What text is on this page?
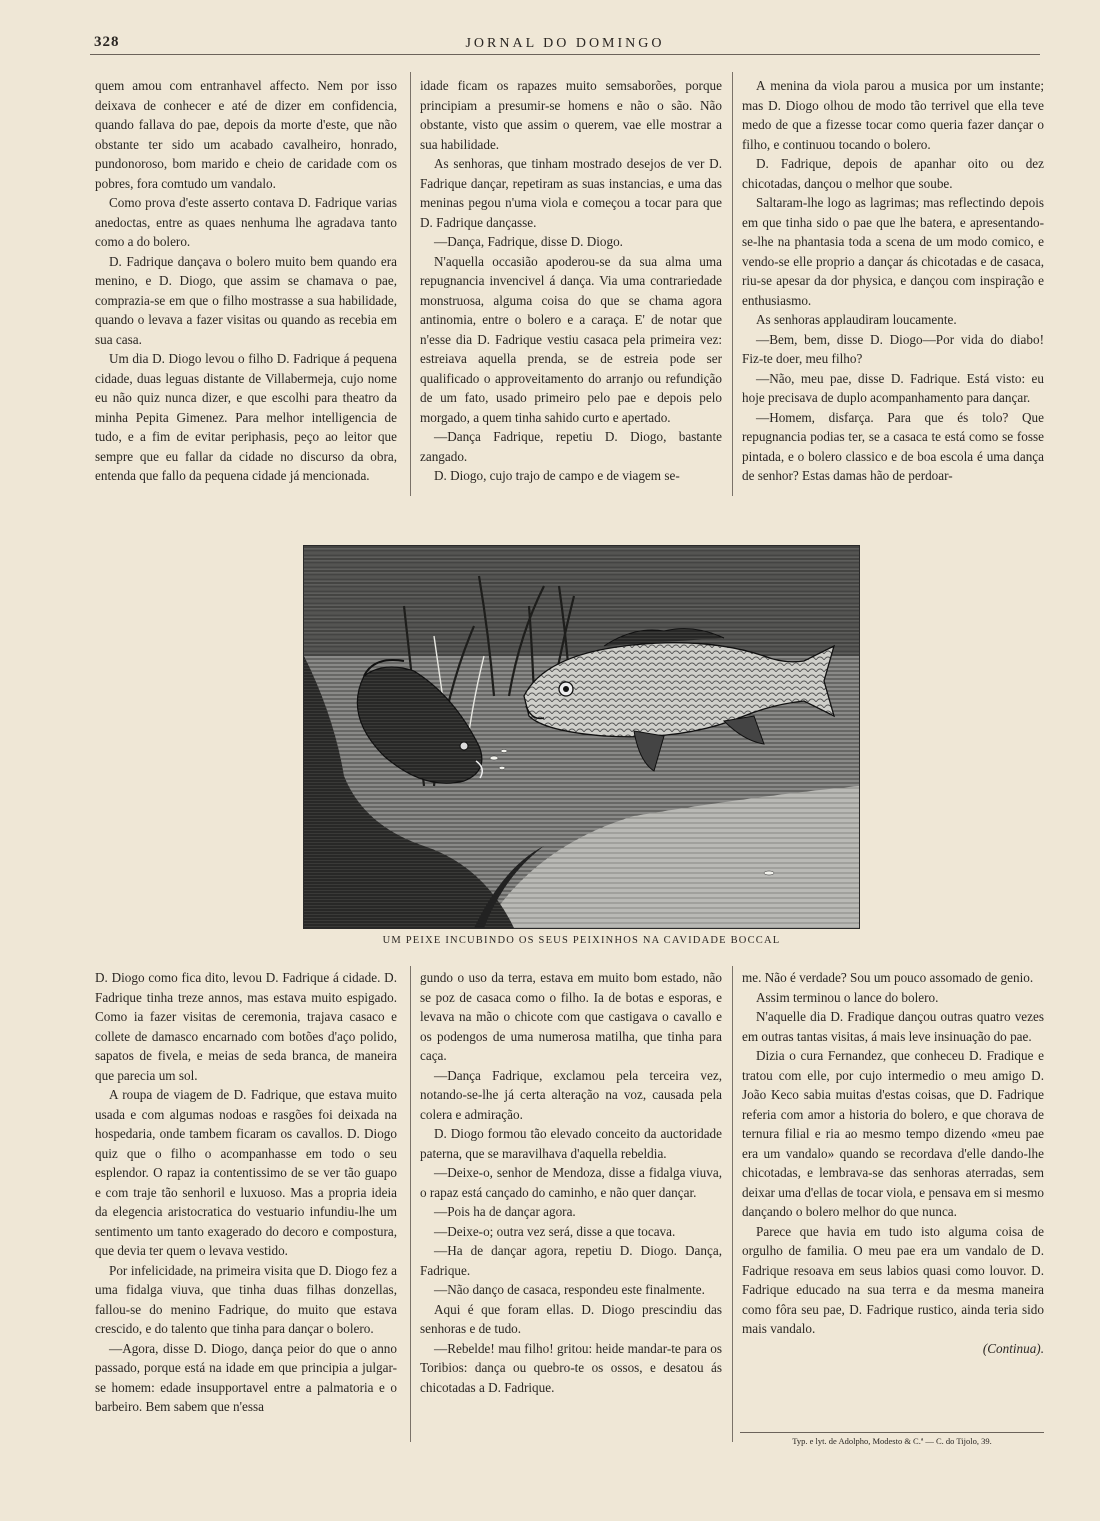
328	JORNAL DO DOMINGO

quem amou com entranhavel affecto. Nem por isso deixava de conhecer e até de dizer em confidencia, quando fallava do pae, depois da morte d'este, que não obstante ter sido um acabado cavalheiro, honrado, pundonoroso, bom marido e cheio de caridade com os pobres, fora comtudo um vandalo.

Como prova d'este asserto contava D. Fadrique varias anedoctas, entre as quaes nenhuma lhe agradava tanto como a do bolero.

D. Fadrique dançava o bolero muito bem quando era menino, e D. Diogo, que assim se chamava o pae, comprazia-se em que o filho mostrasse a sua habilidade, quando o levava a fazer visitas ou quando as recebia em sua casa.

Um dia D. Diogo levou o filho D. Fadrique á pequena cidade, duas leguas distante de Villabermeja, cujo nome eu não quiz nunca dizer, e que escolhi para theatro da minha Pepita Gimenez. Para melhor intelligencia de tudo, e a fim de evitar periphasis, peço ao leitor que sempre que eu fallar da cidade no discurso da obra, entenda que fallo da pequena cidade já mencionada.

idade ficam os rapazes muito semsaborões, porque principiam a presumir-se homens e não o são. Não obstante, visto que assim o querem, vae elle mostrar a sua habilidade.

As senhoras, que tinham mostrado desejos de ver D. Fadrique dançar, repetiram as suas instancias, e uma das meninas pegou n'uma viola e começou a tocar para que D. Fadrique dançasse.

—Dança, Fadrique, disse D. Diogo.

N'aquella occasião apoderou-se da sua alma uma repugnancia invencivel á dança. Via uma contrariedade monstruosa, alguma coisa do que se chama agora antinomia, entre o bolero e a caraça. E' de notar que n'esse dia D. Fadrique vestiu casaca pela primeira vez: estreiava aquella prenda, se de estreia pode ser qualificado o approveitamento do arranjo ou refundição de um fato, usado primeiro pelo pae e depois pelo morgado, a quem tinha sahido curto e apertado.

—Dança Fadrique, repetiu D. Diogo, bastante zangado.

D. Diogo, cujo trajo de campo e de viagem se-

A menina da viola parou a musica por um instante; mas D. Diogo olhou de modo tão terrivel que ella teve medo de que a fizesse tocar como queria fazer dançar o filho, e continuou tocando o bolero.

D. Fadrique, depois de apanhar oito ou dez chicotadas, dançou o melhor que soube.

Saltaram-lhe logo as lagrimas; mas reflectindo depois em que tinha sido o pae que lhe batera, e apresentando-se-lhe na phantasia toda a scena de um modo comico, e vendo-se elle proprio a dançar ás chicotadas e de casaca, riu-se apesar da dor physica, e dançou com inspiração e enthusiasmo.

As senhoras applaudiram loucamente.

—Bem, bem, disse D. Diogo—Por vida do diabo! Fiz-te doer, meu filho?

—Não, meu pae, disse D. Fadrique. Está visto: eu hoje precisava de duplo acompanhamento para dançar.

—Homem, disfarça. Para que és tolo? Que repugnancia podias ter, se a casaca te está como se fosse pintada, e o bolero classico e de boa escola é uma dança de senhor? Estas damas hão de perdoar-

UM PEIXE INCUBINDO OS SEUS PEIXINHOS NA CAVIDADE BOCCAL

D. Diogo como fica dito, levou D. Fadrique á cidade. D. Fadrique tinha treze annos, mas estava muito espigado. Como ia fazer visitas de ceremonia, trajava casaco e collete de damasco encarnado com botões d'aço polido, sapatos de fivela, e meias de seda branca, de maneira que parecia um sol.

A roupa de viagem de D. Fadrique, que estava muito usada e com algumas nodoas e rasgões foi deixada na hospedaria, onde tambem ficaram os cavallos. D. Diogo quiz que o filho o acompanhasse em todo o seu esplendor. O rapaz ia contentissimo de se ver tão guapo e com traje tão senhoril e luxuoso. Mas a propria ideia da elegencia aristocratica do vestuario infundiu-lhe um sentimento um tanto exagerado do decoro e compostura, que devia ter quem o levava vestido.

Por infelicidade, na primeira visita que D. Diogo fez a uma fidalga viuva, que tinha duas filhas donzellas, fallou-se do menino Fadrique, do muito que estava crescido, e do talento que tinha para dançar o bolero.

—Agora, disse D. Diogo, dança peior do que o anno passado, porque está na idade em que principia a julgar-se homem: edade insupportavel entre a palmatoria e o barbeiro. Bem sabem que n'essa

gundo o uso da terra, estava em muito bom estado, não se poz de casaca como o filho. Ia de botas e esporas, e levava na mão o chicote com que castigava o cavallo e os podengos de uma numerosa matilha, que tinha para caça.

—Dança Fadrique, exclamou pela terceira vez, notando-se-lhe já certa alteração na voz, causada pela colera e admiração.

D. Diogo formou tão elevado conceito da auctoridade paterna, que se maravilhava d'aquella rebeldia.

—Deixe-o, senhor de Mendoza, disse a fidalga viuva, o rapaz está cançado do caminho, e não quer dançar.

—Pois ha de dançar agora.

—Deixe-o; outra vez será, disse a que tocava.

—Ha de dançar agora, repetiu D. Diogo. Dança, Fadrique.

—Não danço de casaca, respondeu este finalmente.

Aqui é que foram ellas. D. Diogo prescindiu das senhoras e de tudo.

—Rebelde! mau filho! gritou: heide mandar-te para os Toribios: dança ou quebro-te os ossos, e desatou ás chicotadas a D. Fadrique.

me. Não é verdade? Sou um pouco assomado de genio.

Assim terminou o lance do bolero.

N'aquelle dia D. Fradique dançou outras quatro vezes em outras tantas visitas, á mais leve insinuação do pae.

Dizia o cura Fernandez, que conheceu D. Fradique e tratou com elle, por cujo intermedio o meu amigo D. João Keco sabia muitas d'estas coisas, que D. Fadrique referia com amor a historia do bolero, e que chorava de ternura filial e ria ao mesmo tempo dizendo «meu pae era um vandalo» quando se recordava d'elle dando-lhe chicotadas, e lembrava-se das senhoras aterradas, sem deixar uma d'ellas de tocar viola, e pensava em si mesmo dançando o bolero melhor do que nunca.

Parece que havia em tudo isto alguma coisa de orgulho de familia. O meu pae era um vandalo de D. Fadrique resoava em seus labios quasi como louvor. D. Fadrique educado na sua terra e da mesma maneira como fôra seu pae, D. Fadrique rustico, ainda teria sido mais vandalo.

(Continua).

Typ. e lyt. de Adolpho, Modesto & C.ª — C. do Tijolo, 39.
